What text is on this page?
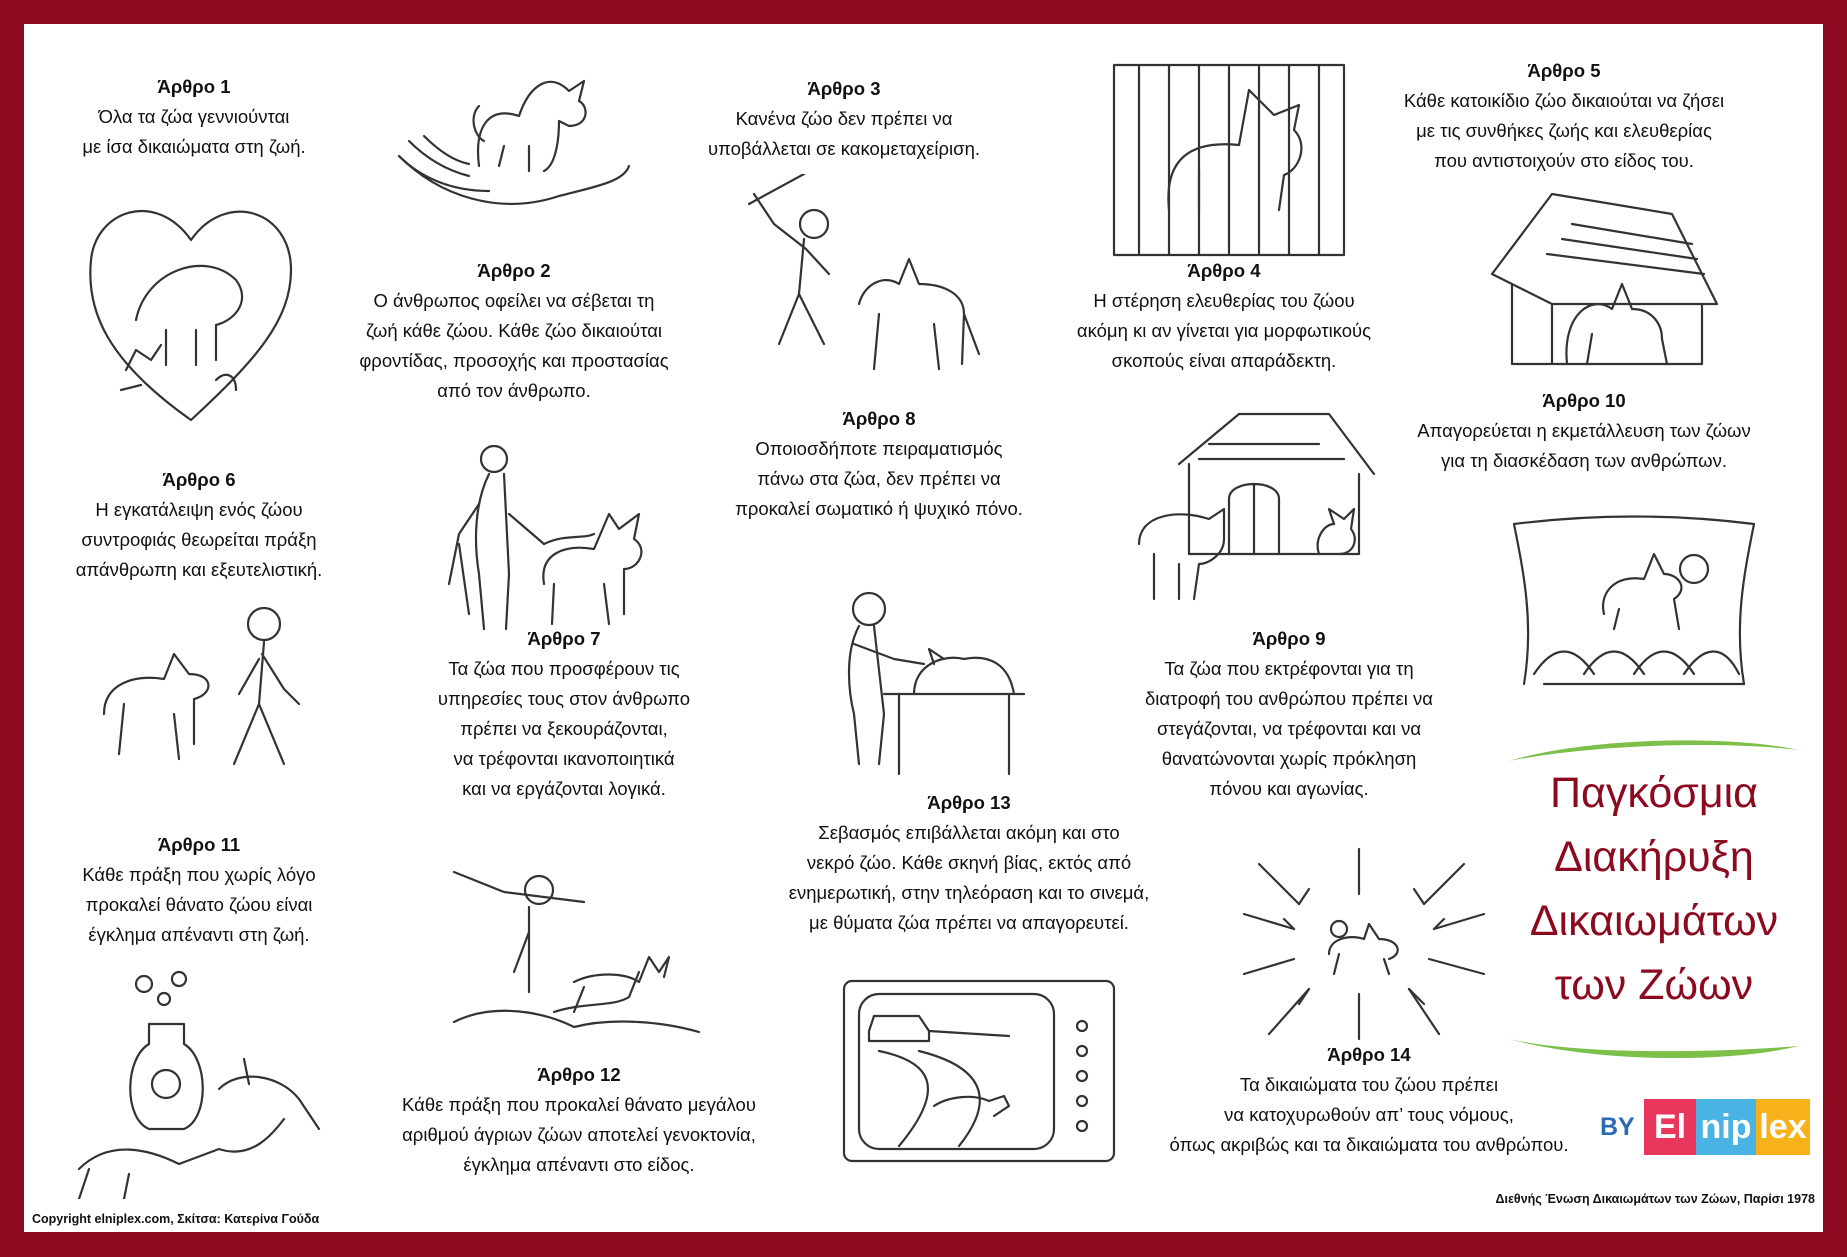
Άρθρο 1
Όλα τα ζώα γεννιούνται
με ίσα δικαιώματα στη ζωή.
Άρθρο 2
Ο άνθρωπος οφείλει να σέβεται τη
ζωή κάθε ζώου. Κάθε ζώο δικαιούται
φροντίδας, προσοχής και προστασίας
από τον άνθρωπο.
Άρθρο 3
Κανένα ζώο δεν πρέπει να
υποβάλλεται σε κακομεταχείριση.
Άρθρο 4
Η στέρηση ελευθερίας του ζώου
ακόμη κι αν γίνεται για μορφωτικούς
σκοπούς είναι απαράδεκτη.
Άρθρο 5
Κάθε κατοικίδιο ζώο δικαιούται να ζήσει
με τις συνθήκες ζωής και ελευθερίας
που αντιστοιχούν στο είδος του.
Άρθρο 6
Η εγκατάλειψη ενός ζώου
συντροφιάς θεωρείται πράξη
απάνθρωπη και εξευτελιστική.
Άρθρο 7
Τα ζώα που προσφέρουν τις
υπηρεσίες τους στον άνθρωπο
πρέπει να ξεκουράζονται,
να τρέφονται ικανοποιητικά
και να εργάζονται λογικά.
Άρθρο 8
Οποιοσδήποτε πειραματισμός
πάνω στα ζώα, δεν πρέπει να
προκαλεί σωματικό ή ψυχικό πόνο.
Άρθρο 9
Τα ζώα που εκτρέφονται για τη
διατροφή του ανθρώπου πρέπει να
στεγάζονται, να τρέφονται και να
θανατώνονται χωρίς πρόκληση
πόνου και αγωνίας.
Άρθρο 10
Απαγορεύεται η εκμετάλλευση των ζώων
για τη διασκέδαση των ανθρώπων.
Άρθρο 11
Κάθε πράξη που χωρίς λόγο
προκαλεί θάνατο ζώου είναι
έγκλημα απέναντι στη ζωή.
Άρθρο 12
Κάθε πράξη που προκαλεί θάνατο μεγάλου
αριθμού άγριων ζώων αποτελεί γενοκτονία,
έγκλημα απέναντι στο είδος.
Άρθρο 13
Σεβασμός επιβάλλεται ακόμη και στο
νεκρό ζώο. Κάθε σκηνή βίας, εκτός από
ενημερωτική, στην τηλεόραση και το σινεμά,
με θύματα ζώα πρέπει να απαγορευτεί.
Άρθρο 14
Τα δικαιώματα του ζώου πρέπει
να κατοχυρωθούν απ’ τους νόμους,
όπως ακριβώς και τα δικαιώματα του ανθρώπου.
Παγκόσμια
Διακήρυξη
Δικαιωμάτων
των Ζώων
BY El nip lex
Copyright elniplex.com, Σκίτσα: Κατερίνα Γούδα
Διεθνής Ένωση Δικαιωμάτων των Ζώων, Παρίσι 1978
